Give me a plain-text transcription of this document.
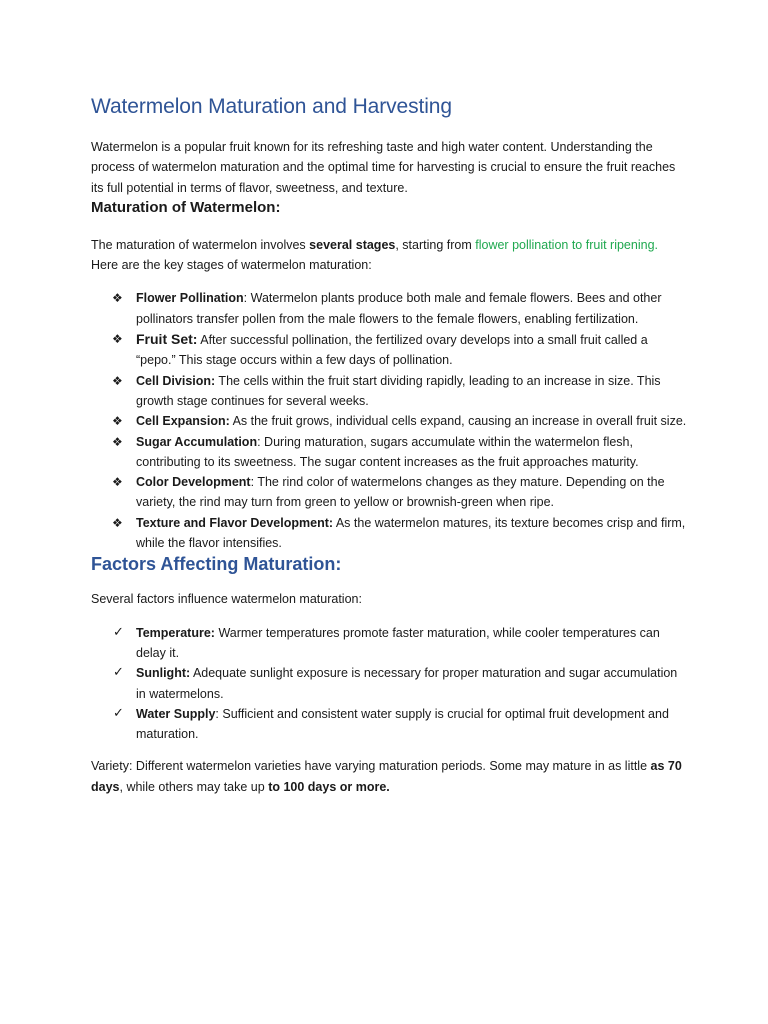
Watermelon Maturation and Harvesting

Watermelon is a popular fruit known for its refreshing taste and high water content. Understanding the process of watermelon maturation and the optimal time for harvesting is crucial to ensure the fruit reaches its full potential in terms of flavor, sweetness, and texture.

Maturation of Watermelon:

The maturation of watermelon involves several stages, starting from flower pollination to fruit ripening. Here are the key stages of watermelon maturation:

❖ Flower Pollination: Watermelon plants produce both male and female flowers. Bees and other pollinators transfer pollen from the male flowers to the female flowers, enabling fertilization.
❖ Fruit Set: After successful pollination, the fertilized ovary develops into a small fruit called a “pepo.” This stage occurs within a few days of pollination.
❖ Cell Division: The cells within the fruit start dividing rapidly, leading to an increase in size. This growth stage continues for several weeks.
❖ Cell Expansion: As the fruit grows, individual cells expand, causing an increase in overall fruit size.
❖ Sugar Accumulation: During maturation, sugars accumulate within the watermelon flesh, contributing to its sweetness. The sugar content increases as the fruit approaches maturity.
❖ Color Development: The rind color of watermelons changes as they mature. Depending on the variety, the rind may turn from green to yellow or brownish-green when ripe.
❖ Texture and Flavor Development: As the watermelon matures, its texture becomes crisp and firm, while the flavor intensifies.
Factors Affecting Maturation:

Several factors influence watermelon maturation:

✓ Temperature: Warmer temperatures promote faster maturation, while cooler temperatures can delay it.
✓ Sunlight: Adequate sunlight exposure is necessary for proper maturation and sugar accumulation in watermelons.
✓ Water Supply: Sufficient and consistent water supply is crucial for optimal fruit development and maturation.

Variety: Different watermelon varieties have varying maturation periods. Some may mature in as little as 70 days, while others may take up to 100 days or more.
